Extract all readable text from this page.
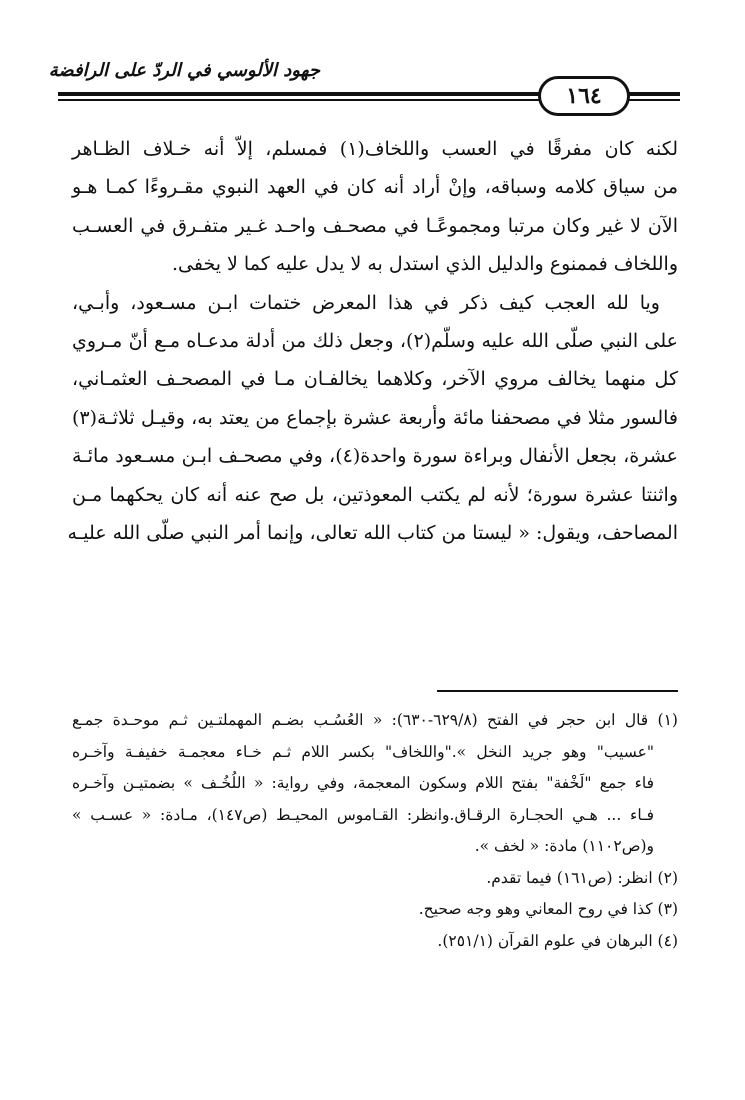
جهود الألوسي في الردّ على الرافضة
١٦٤

لكنه كان مفرقًا في العسب واللخاف(١) فمسلم، إلاّ أنه خـلاف الظـاهر
من سياق كلامه وسباقه، وإنْ أراد أنه كان في العهد النبوي مقـروءًا كمـا هـو
الآن لا غير وكان مرتبا ومجموعًـا في مصحـف واحـد غـير متفـرق في العسـب
واللخاف فممنوع والدليل الذي استدل به لا يدل عليه كما لا يخفى.

ويا لله العجب كيف ذكر في هذا المعرض ختمات ابـن مسـعود، وأبـي،
على النبي صلّى الله عليه وسلّم(٢)، وجعل ذلك من أدلة مدعـاه مـع أنّ مـروي
كل منهما يخالف مروي الآخر، وكلاهما يخالفـان مـا في المصحـف العثمـاني،
فالسور مثلا في مصحفنا مائة وأربعة عشرة بإجماع من يعتد به، وقيـل ثلاثـة(٣)
عشرة، بجعل الأنفال وبراءة سورة واحدة(٤)، وفي مصحـف ابـن مسـعود مائـة
واثنتا عشرة سورة؛ لأنه لم يكتب المعوذتين، بل صح عنه أنه كان يحكهما مـن
المصاحف، ويقول: « ليستا من كتاب الله تعالى، وإنما أمر النبي صلّى الله عليـه

(١) قال ابن حجر في الفتح (٦٢٩/٨-٦٣٠): « العُسُـب بضـم المهملتـين ثـم موحـدة جمـع
"عسيب" وهو جريد النخل »."واللخاف" بكسر اللام ثـم خـاء معجمـة خفيفـة وآخـره
فاء جمع "لَخْفة" بفتح اللام وسكون المعجمة، وفي رواية: « اللُخُـف » بضمتيـن وآخـره
فـاء ... هـي الحجـارة الرقـاق.وانظر: القـاموس المحيـط (ص١٤٧)، مـادة: « عسـب »
و(ص١١٠٢) مادة: « لخف ».

(٢) انظر: (ص١٦١) فيما تقدم.

(٣) كذا في روح المعاني وهو وجه صحيح.

(٤) البرهان في علوم القرآن (٢٥١/١).
